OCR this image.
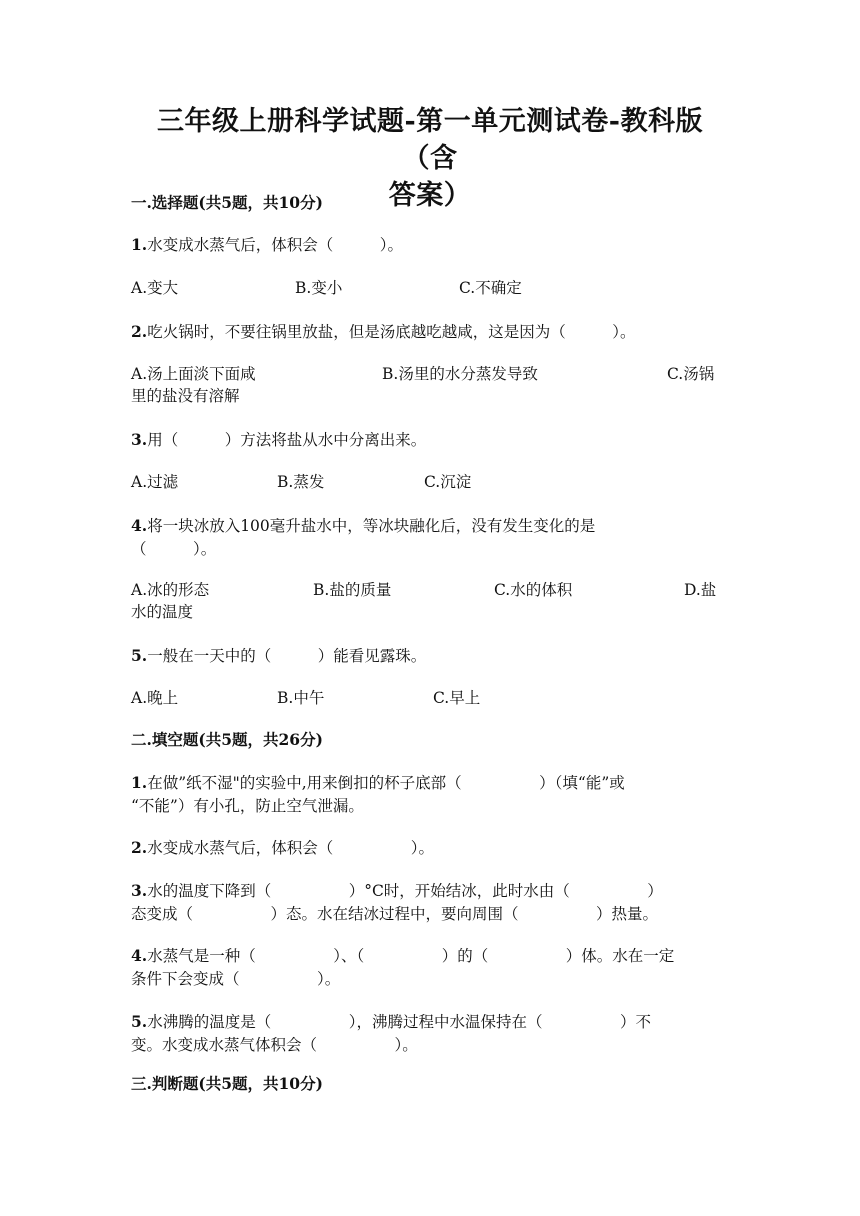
三年级上册科学试题-第一单元测试卷-教科版（含
答案）
一.选择题(共5题，共10分)
1.水变成水蒸气后，体积会（　　　）。
A.变大	B.变小	C.不确定
2.吃火锅时，不要往锅里放盐，但是汤底越吃越咸，这是因为（　　　）。
A.汤上面淡下面咸	B.汤里的水分蒸发导致	C.汤锅
里的盐没有溶解
3.用（　　　）方法将盐从水中分离出来。
A.过滤	B.蒸发	C.沉淀
4.将一块冰放入100毫升盐水中，等冰块融化后，没有发生变化的是
（　　　）。
A.冰的形态	B.盐的质量	C.水的体积	D.盐
水的温度
5.一般在一天中的（　　　）能看见露珠。
A.晚上	B.中午	C.早上
二.填空题(共5题，共26分)
1.在做”纸不湿"的实验中,用来倒扣的杯子底部（　　　　　）（填“能”或
“不能”）有小孔，防止空气泄漏。
2.水变成水蒸气后，体积会（　　　　　）。
3.水的温度下降到（　　　　　）°C时，开始结冰，此时水由（　　　　　）
态变成（　　　　　）态。水在结冰过程中，要向周围（　　　　　）热量。
4.水蒸气是一种（　　　　　）、（　　　　　）的（　　　　　）体。水在一定
条件下会变成（　　　　　）。
5.水沸腾的温度是（　　　　　），沸腾过程中水温保持在（　　　　　）不
变。水变成水蒸气体积会（　　　　　）。
三.判断题(共5题，共10分)
